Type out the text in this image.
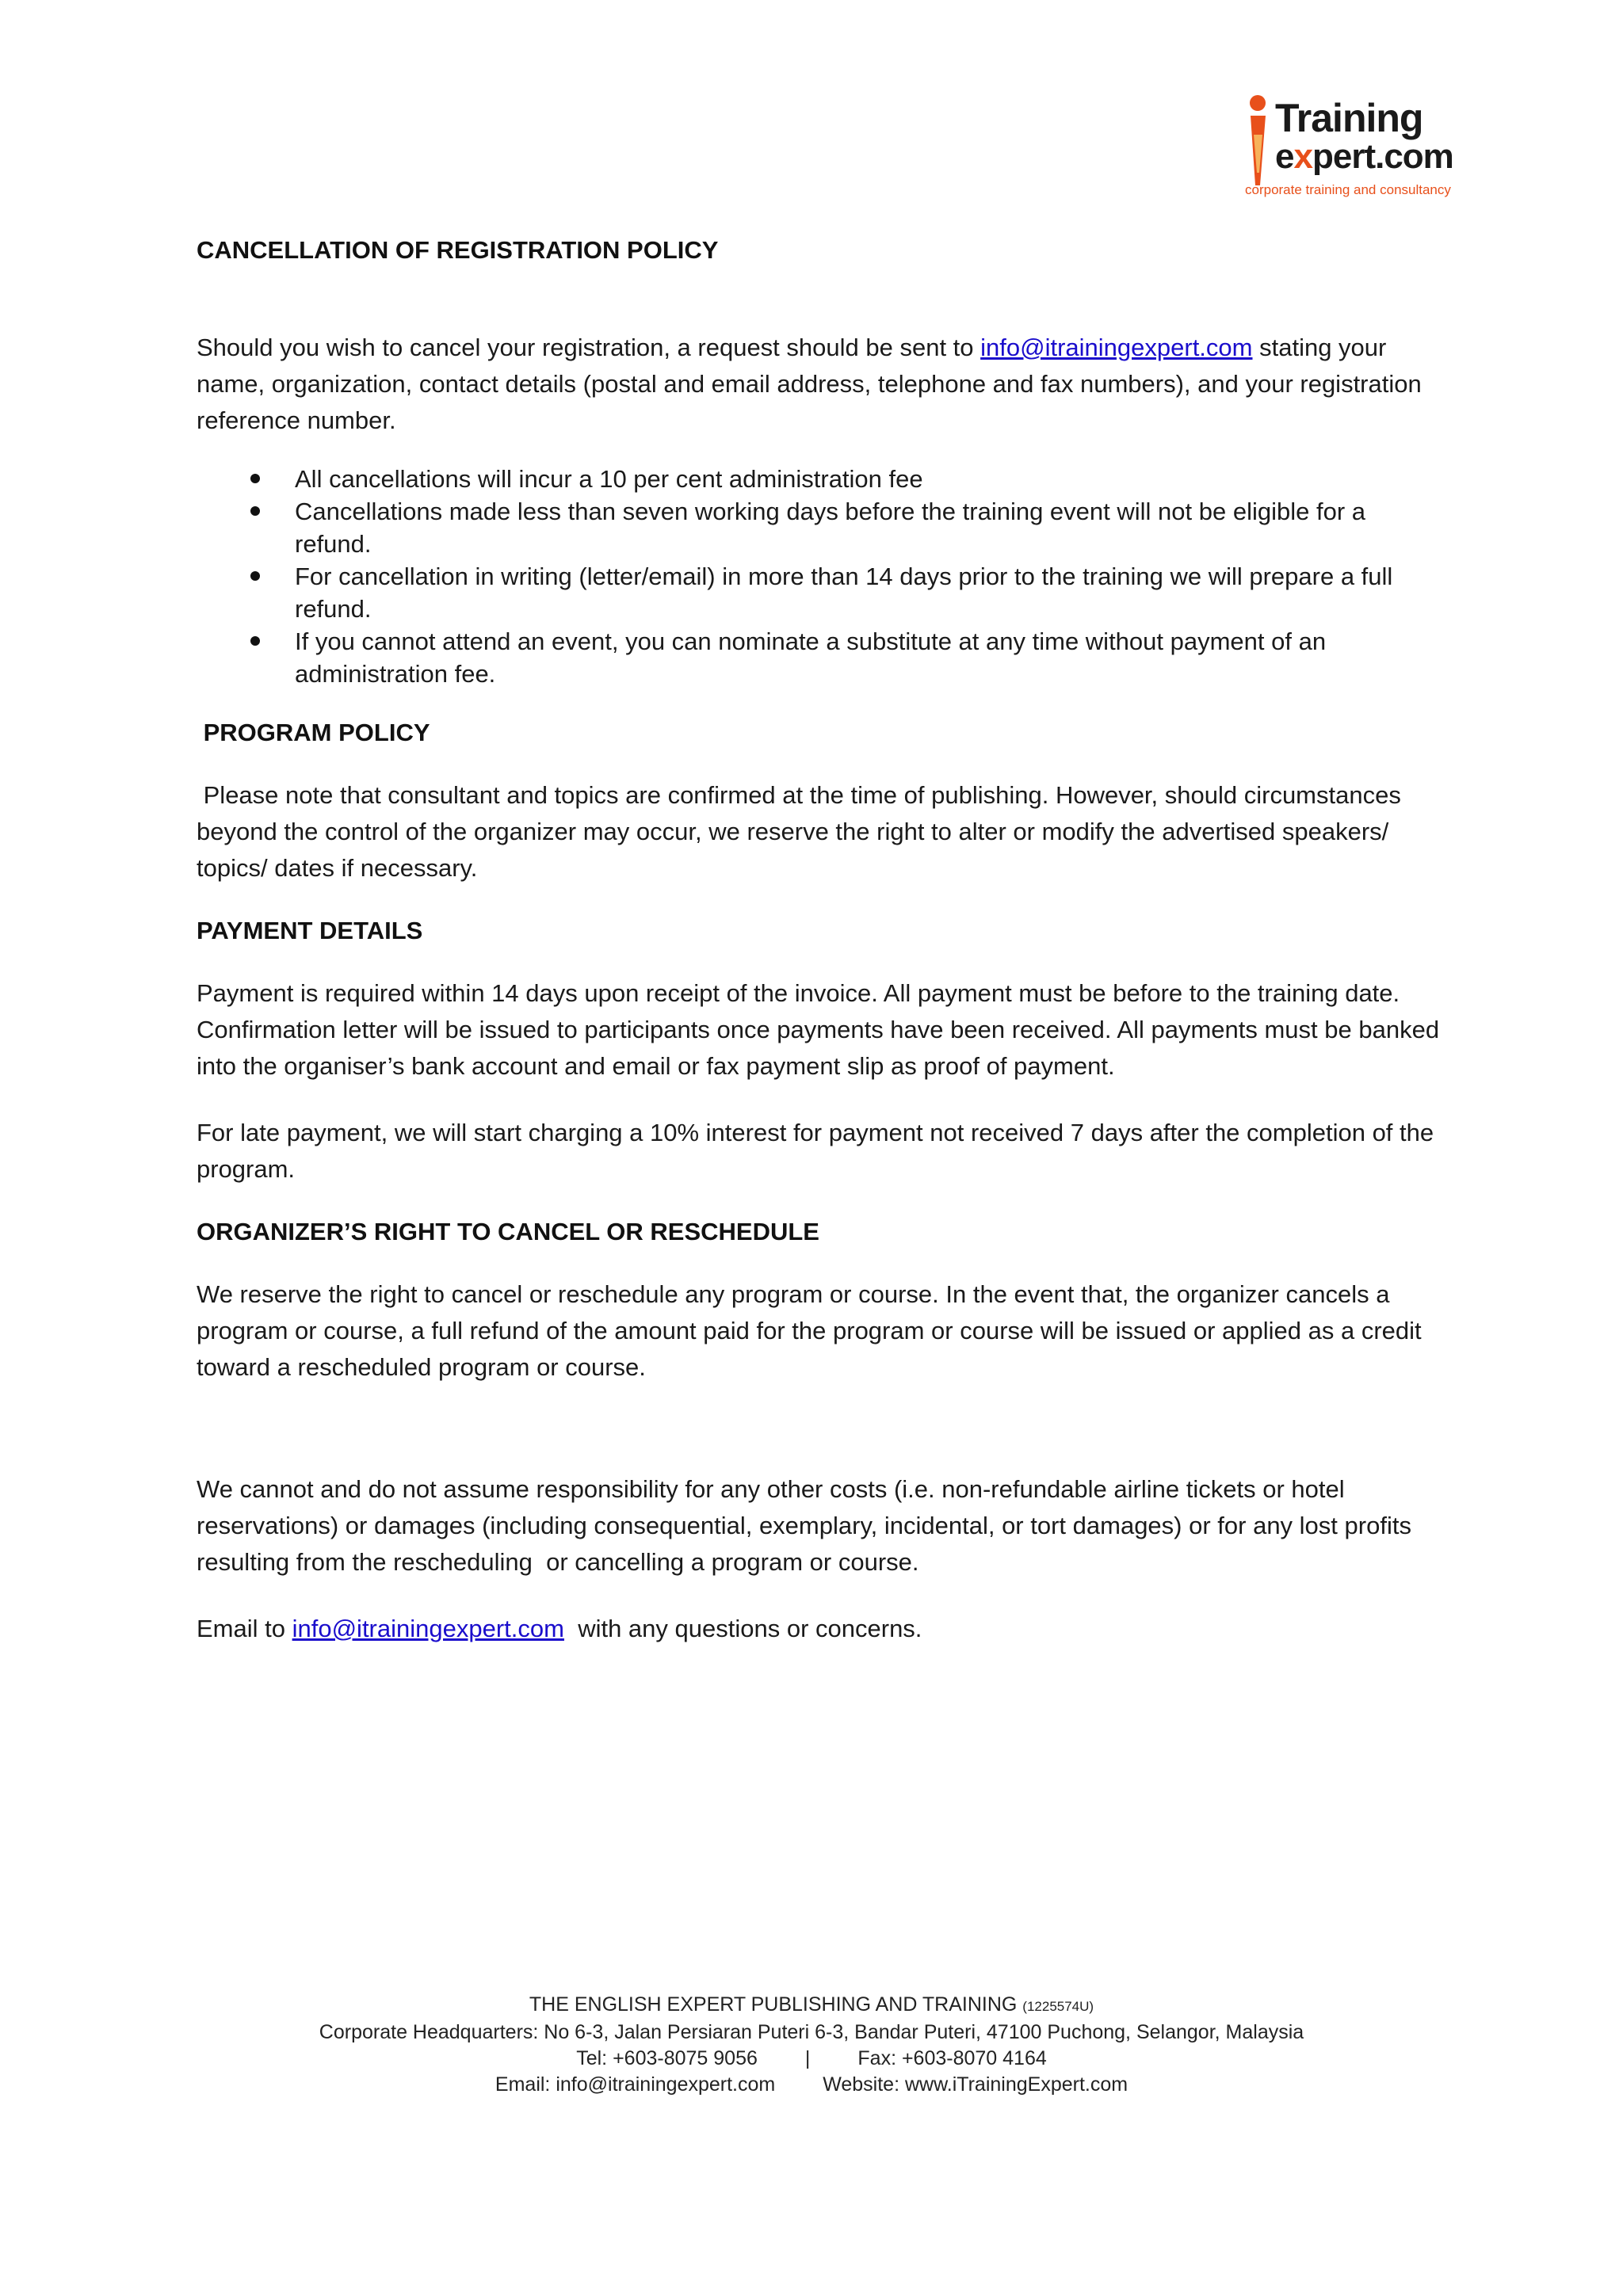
Training
expert.com
corporate training and consultancy
CANCELLATION OF REGISTRATION POLICY

Should you wish to cancel your registration, a request should be sent to info@itrainingexpert.com stating your name, organization, contact details (postal and email address, telephone and fax numbers), and your registration reference number.

All cancellations will incur a 10 per cent administration fee
Cancellations made less than seven working days before the training event will not be eligible for a refund.
For cancellation in writing (letter/email) in more than 14 days prior to the training we will prepare a full refund.
If you cannot attend an event, you can nominate a substitute at any time without payment of an administration fee.
PROGRAM POLICY

Please note that consultant and topics are confirmed at the time of publishing. However, should circumstances beyond the control of the organizer may occur, we reserve the right to alter or modify the advertised speakers/ topics/ dates if necessary.

PAYMENT DETAILS

Payment is required within 14 days upon receipt of the invoice. All payment must be before to the training date. Confirmation letter will be issued to participants once payments have been received. All payments must be banked into the organiser’s bank account and email or fax payment slip as proof of payment.

For late payment, we will start charging a 10% interest for payment not received 7 days after the completion of the program.

ORGANIZER’S RIGHT TO CANCEL OR RESCHEDULE

We reserve the right to cancel or reschedule any program or course. In the event that, the organizer cancels a program or course, a full refund of the amount paid for the program or course will be issued or applied as a credit toward a rescheduled program or course.

We cannot and do not assume responsibility for any other costs (i.e. non-refundable airline tickets or hotel reservations) or damages (including consequential, exemplary, incidental, or tort damages) or for any lost profits resulting from the rescheduling  or cancelling a program or course.

Email to info@itrainingexpert.com  with any questions or concerns.

THE ENGLISH EXPERT PUBLISHING AND TRAINING (1225574U)
Corporate Headquarters: No 6-3, Jalan Persiaran Puteri 6-3, Bandar Puteri, 47100 Puchong, Selangor, Malaysia
Tel: +603-8075 9056 | Fax: +603-8070 4164
Email: info@itrainingexpert.com Website: www.iTrainingExpert.com
